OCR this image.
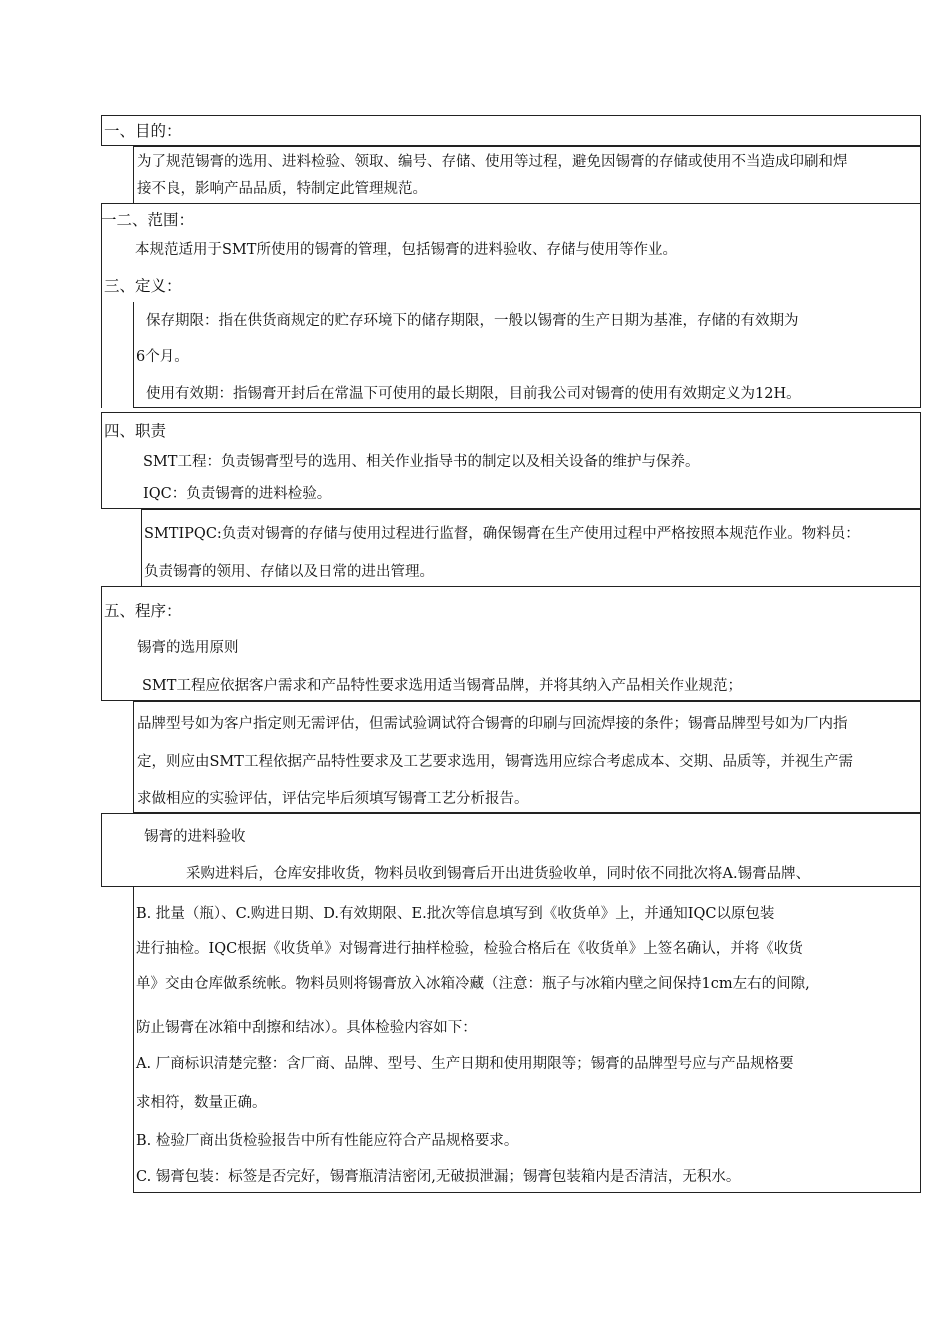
一、目的：
为了规范锡膏的选用、进料检验、领取、编号、存储、使用等过程，避免因锡膏的存储或使用不当造成印刷和焊
接不良，影响产品品质，特制定此管理规范。
一二、范围：
本规范适用于SMT所使用的锡膏的管理，包括锡膏的进料验收、存储与使用等作业。
三、定义：
保存期限：指在供货商规定的贮存环境下的储存期限，一般以锡膏的生产日期为基准，存储的有效期为
6个月。
使用有效期：指锡膏开封后在常温下可使用的最长期限，目前我公司对锡膏的使用有效期定义为12H。
四、职责
SMT工程：负责锡膏型号的选用、相关作业指导书的制定以及相关设备的维护与保养。
IQC：负责锡膏的进料检验。
SMTIPQC:负责对锡膏的存储与使用过程进行监督，确保锡膏在生产使用过程中严格按照本规范作业。物料员：
负责锡膏的领用、存储以及日常的进出管理。
五、程序：
锡膏的选用原则
SMT工程应依据客户需求和产品特性要求选用适当锡膏品牌，并将其纳入产品相关作业规范；
品牌型号如为客户指定则无需评估，但需试验调试符合锡膏的印刷与回流焊接的条件；锡膏品牌型号如为厂内指
定，则应由SMT工程依据产品特性要求及工艺要求选用，锡膏选用应综合考虑成本、交期、品质等，并视生产需
求做相应的实验评估，评估完毕后须填写锡膏工艺分析报告。
锡膏的进料验收
采购进料后，仓库安排收货，物料员收到锡膏后开出进货验收单，同时依不同批次将A.锡膏品牌、
B. 批量（瓶）、C.购进日期、D.有效期限、E.批次等信息填写到《收货单》上，并通知IQC以原包装
进行抽检。IQC根据《收货单》对锡膏进行抽样检验，检验合格后在《收货单》上签名确认，并将《收货
单》交由仓库做系统帐。物料员则将锡膏放入冰箱冷藏（注意：瓶子与冰箱内壁之间保持1cm左右的间隙,
防止锡膏在冰箱中刮擦和结冰）。具体检验内容如下：
A. 厂商标识清楚完整：含厂商、品牌、型号、生产日期和使用期限等；锡膏的品牌型号应与产品规格要
求相符，数量正确。
B. 检验厂商出货检验报告中所有性能应符合产品规格要求。
C. 锡膏包装：标签是否完好，锡膏瓶清洁密闭,无破损泄漏；锡膏包装箱内是否清洁，无积水。
